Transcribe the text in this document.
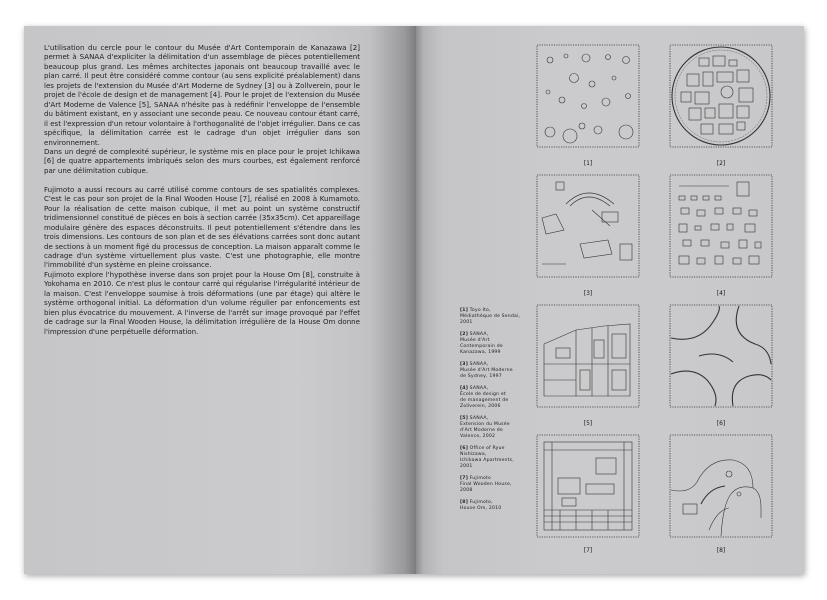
L'utilisation du cercle pour le contour du Musée d'Art Contemporain de Kanazawa [2] permet à SANAA d'expliciter la délimitation d'un assemblage de pièces potentiellement beaucoup plus grand. Les mêmes architectes japonais ont beaucoup travaillé avec le plan carré. Il peut être considéré comme contour (au sens explicité préalablement) dans les projets de l'extension du Musée d'Art Moderne de Sydney [3] ou à Zollverein, pour le projet de l'école de design et de management [4]. Pour le projet de l'extension du Musée d'Art Moderne de Valence [5], SANAA n'hésite pas à redéfinir l'enveloppe de l'ensemble du bâtiment existant, en y associant une seconde peau. Ce nouveau contour étant carré, il est l'expression d'un retour volontaire à l'orthogonalité de l'objet irrégulier. Dans ce cas spécifique, la délimitation carrée est le cadrage d'un objet irrégulier dans son environnement.

Dans un degré de complexité supérieur, le système mis en place pour le projet Ichikawa [6] de quatre appartements imbriqués selon des murs courbes, est également renforcé par une délimitation cubique.

Fujimoto a aussi recours au carré utilisé comme contours de ses spatialités complexes. C'est le cas pour son projet de la Final Wooden House [7], réalisé en 2008 à Kumamoto. Pour la réalisation de cette maison cubique, il met au point un système constructif tridimensionnel constitué de pièces en bois à section carrée (35x35cm). Cet appareillage modulaire génère des espaces déconstruits. Il peut potentiellement s'étendre dans les trois dimensions. Les contours de son plan et de ses élévations carrées sont donc autant de sections à un moment figé du processus de conception. La maison apparaît comme le cadrage d'un système virtuellement plus vaste. C'est une photographie, elle montre l'immobilité d'un système en pleine croissance.

Fujimoto explore l'hypothèse inverse dans son projet pour la House Om [8], construite à Yokohama en 2010. Ce n'est plus le contour carré qui régularise l'irrégularité intérieur de la maison. C'est l'enveloppe soumise à trois déformations (une par étage) qui altère le système orthogonal initial. La déformation d'un volume régulier par enfoncements est bien plus évocatrice du mouvement. A l'inverse de l'arrêt sur image provoqué par l'effet de cadrage sur la Final Wooden House, la délimitation irrégulière de la House Om donne l'impression d'une perpétuelle déformation.

[1]	[2]
[3]	[4]
[5]	[6]
[7]	[8]
[1] Toyo Ito,
Médiathèque de Sendai,
2001
[2] SANAA,
Musée d'Art
Contemporain de
Kanazawa, 1999
[3] SANAA,
Musée d'Art Moderne
de Sydney, 1997
[4] SANAA,
École de design et
de management de
Zollverein, 2006
[5] SANAA,
Extension du Musée
d'Art Moderne de
Valence, 2002
[6] Office of Ryue
Nishizawa,
Ichikawa Apartments,
2001
[7] Fujimoto
Final Wooden House,
2008
[8] Fujimoto,
House Om, 2010
